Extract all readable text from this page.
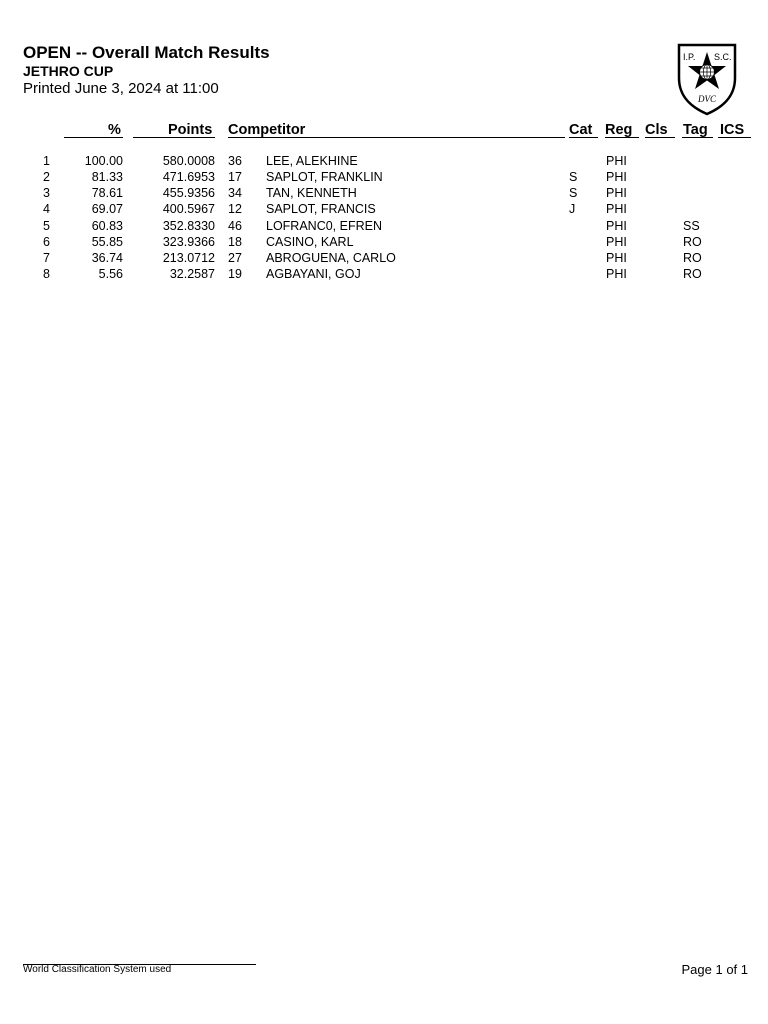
OPEN -- Overall Match Results
JETHRO CUP
Printed June 3, 2024 at 11:00
I.P. S.C.
DVC
%	Points Competitor	Cat Reg Cls Tag ICS
1	100.00	580.0008 36 LEE, ALEKHINE	PHI
2	81.33	471.6953 17 SAPLOT, FRANKLIN	S PHI
3	78.61	455.9356 34 TAN, KENNETH	S PHI
4	69.07	400.5967 12 SAPLOT, FRANCIS	J PHI
5	60.83	352.8330 46 LOFRANC0, EFREN	PHI	SS
6	55.85	323.9366 18 CASINO, KARL	PHI	RO
7	36.74	213.0712 27 ABROGUENA, CARLO	PHI	RO
8	5.56	32.2587 19 AGBAYANI, GOJ	PHI	RO
World Classification System used	Page 1 of 1
